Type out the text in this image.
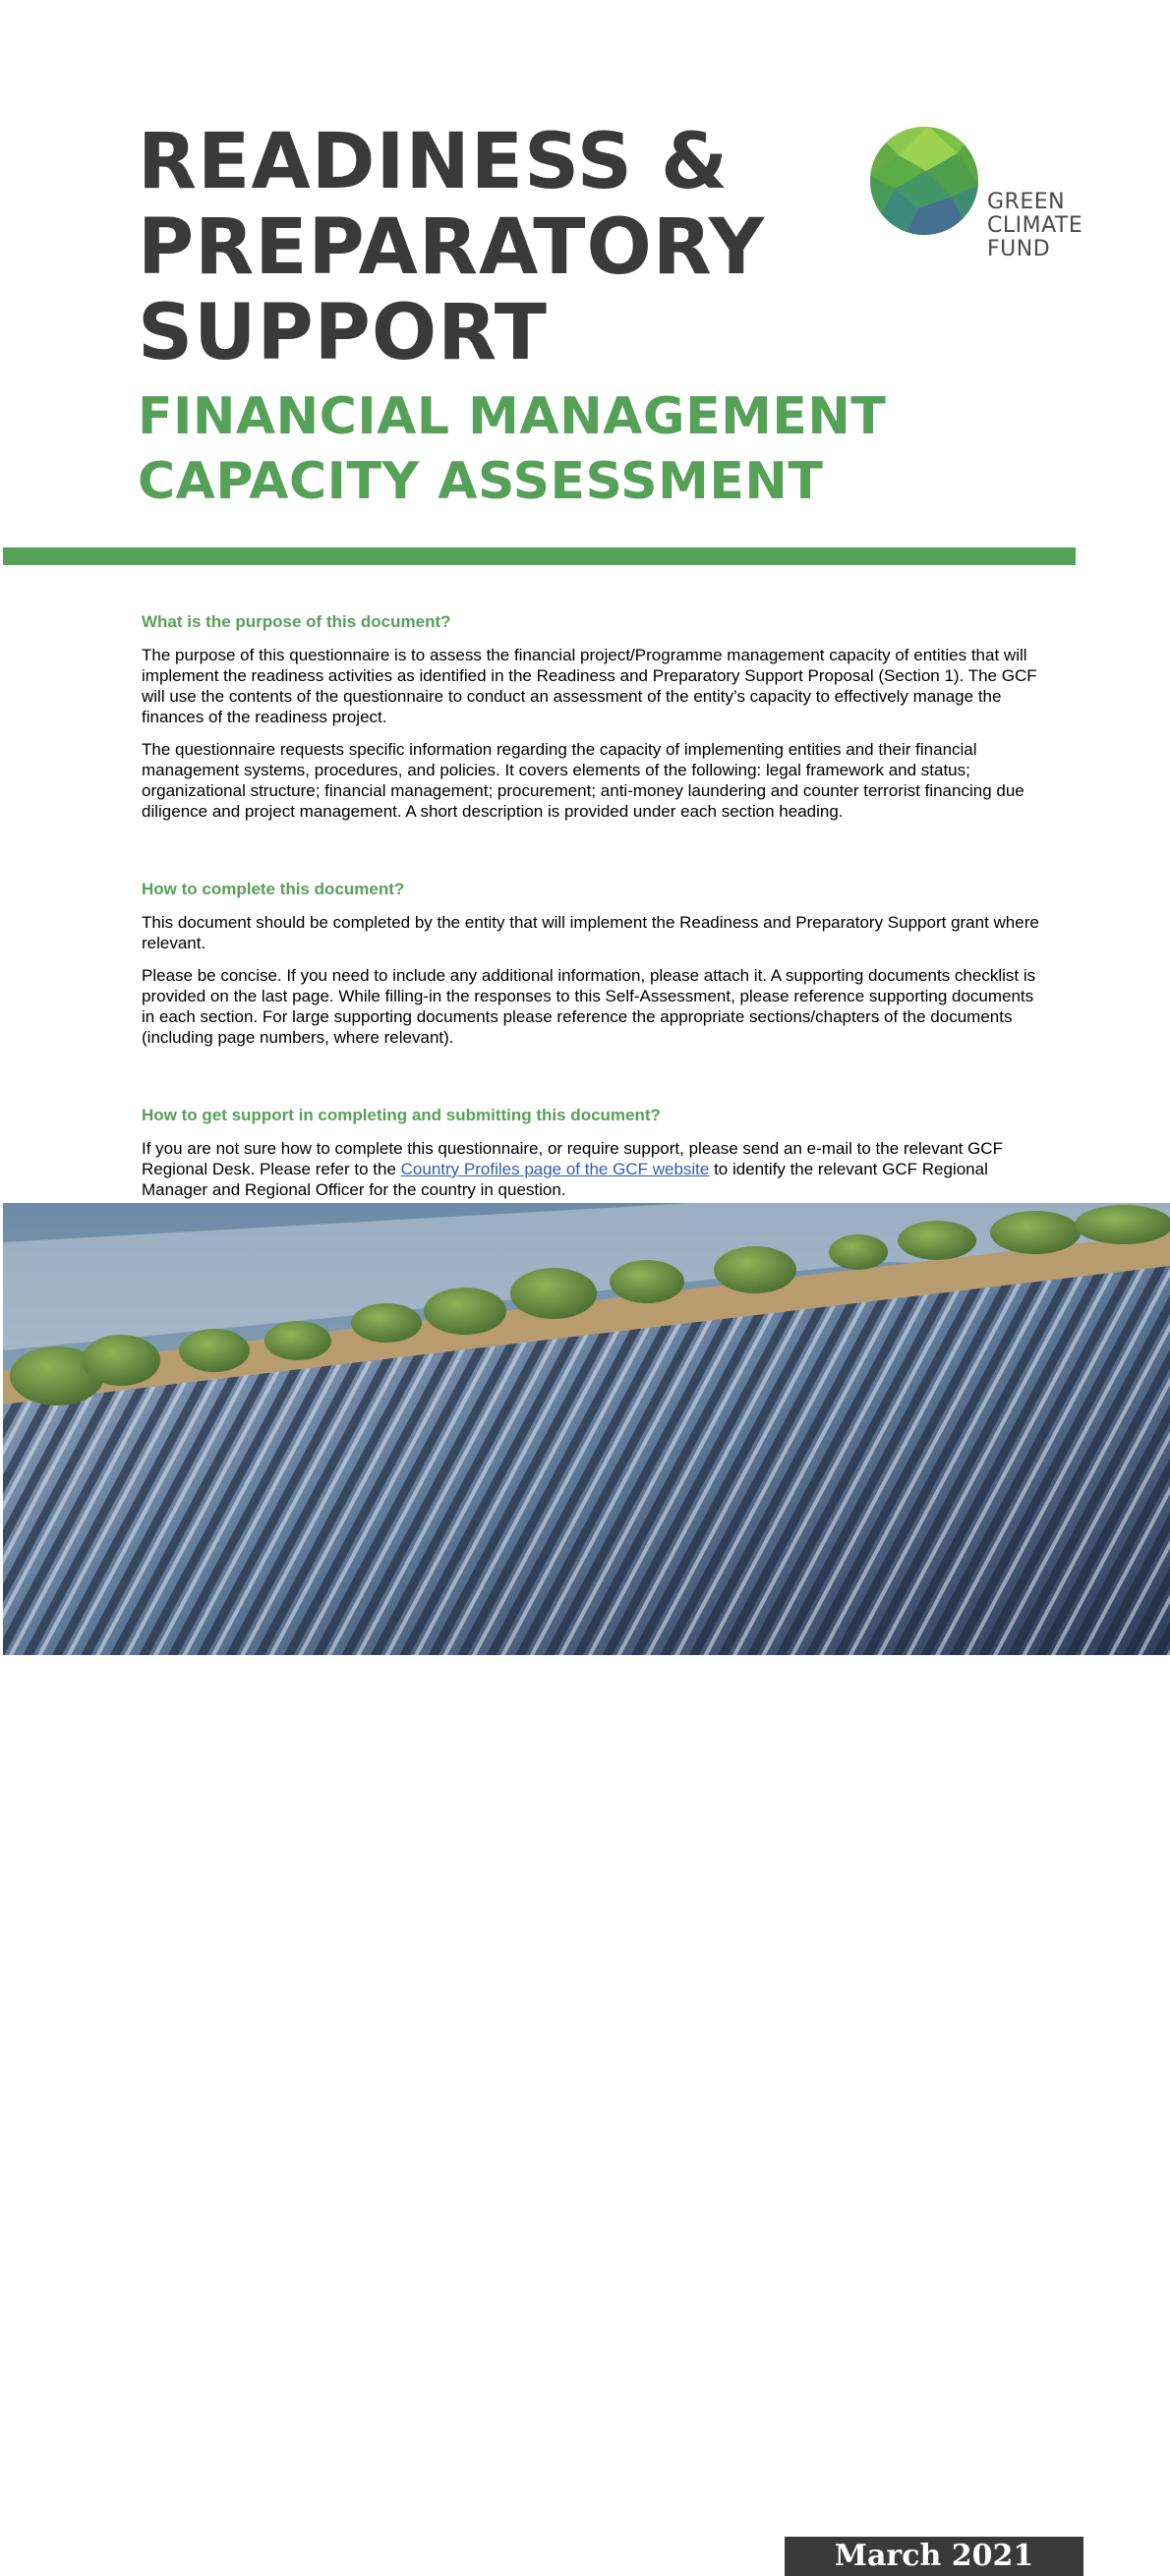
READINESS &
PREPARATORY
SUPPORT
FINANCIAL MANAGEMENT
CAPACITY ASSESSMENT
GREEN
CLIMATE
FUND
What is the purpose of this document?

The purpose of this questionnaire is to assess the financial project/Programme management capacity of entities that will implement the readiness activities as identified in the Readiness and Preparatory Support Proposal (Section 1). The GCF will use the contents of the questionnaire to conduct an assessment of the entity’s capacity to effectively manage the finances of the readiness project.

The questionnaire requests specific information regarding the capacity of implementing entities and their financial management systems, procedures, and policies. It covers elements of the following: legal framework and status; organizational structure; financial management; procurement; anti-money laundering and counter terrorist financing due diligence and project management. A short description is provided under each section heading.

How to complete this document?

This document should be completed by the entity that will implement the Readiness and Preparatory Support grant where relevant.

Please be concise. If you need to include any additional information, please attach it. A supporting documents checklist is provided on the last page. While filling-in the responses to this Self-Assessment, please reference supporting documents in each section. For large supporting documents please reference the appropriate sections/chapters of the documents (including page numbers, where relevant).

How to get support in completing and submitting this document?

If you are not sure how to complete this questionnaire, or require support, please send an e-mail to the relevant GCF Regional Desk. Please refer to the Country Profiles page of the GCF website to identify the relevant GCF Regional Manager and Regional Officer for the country in question.

March 2021
